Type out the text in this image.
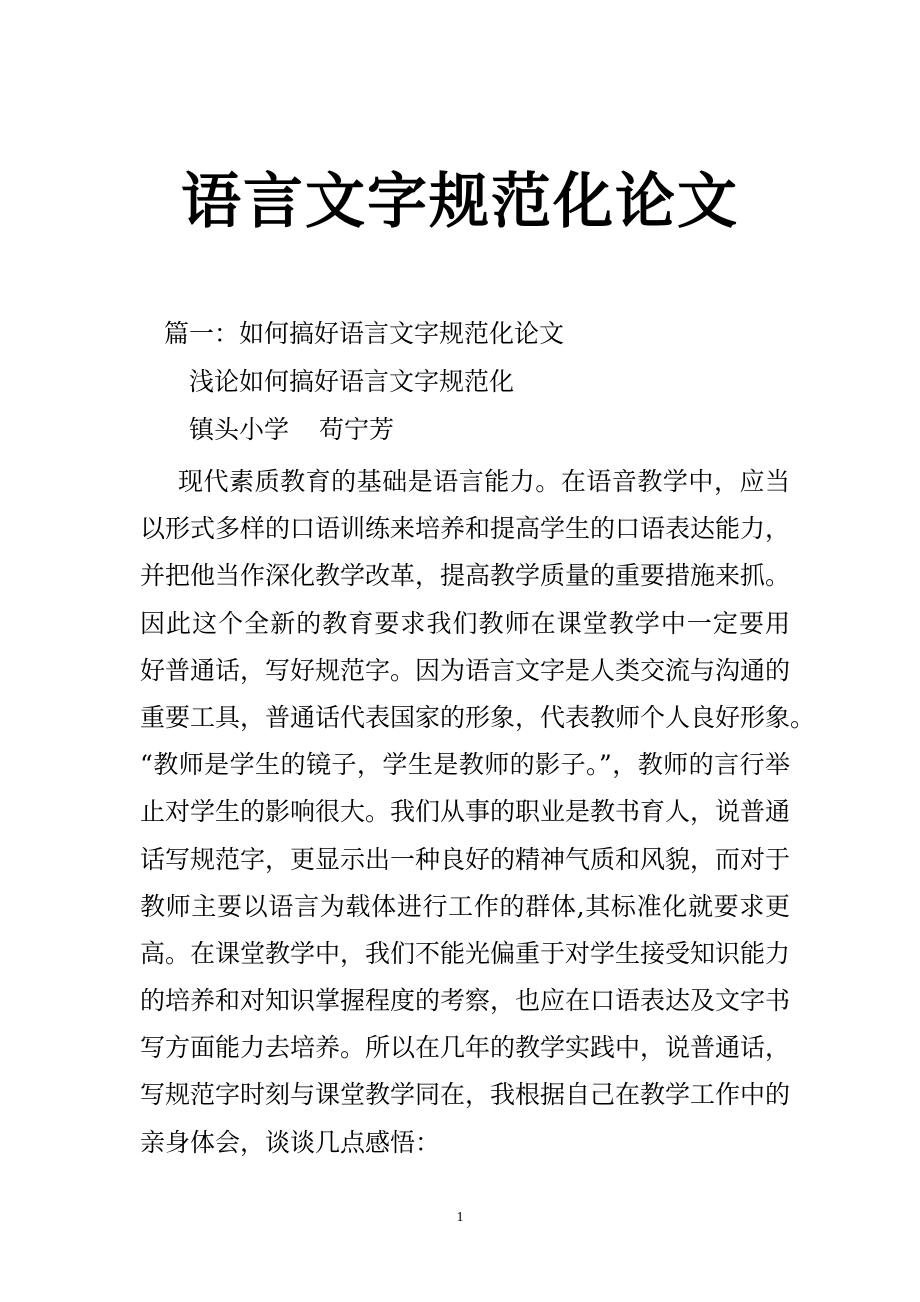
语言文字规范化论文

篇一：如何搞好语言文字规范化论文

浅论如何搞好语言文字规范化

镇头小学 苟宁芳

现代素质教育的基础是语言能力。在语音教学中，应当
以形式多样的口语训练来培养和提高学生的口语表达能力，
并把他当作深化教学改革，提高教学质量的重要措施来抓。
因此这个全新的教育要求我们教师在课堂教学中一定要用
好普通话，写好规范字。因为语言文字是人类交流与沟通的
重要工具，普通话代表国家的形象，代表教师个人良好形象。
“教师是学生的镜子，学生是教师的影子。”，教师的言行举
止对学生的影响很大。我们从事的职业是教书育人，说普通
话写规范字，更显示出一种良好的精神气质和风貌，而对于
教师主要以语言为载体进行工作的群体,其标准化就要求更
高。在课堂教学中，我们不能光偏重于对学生接受知识能力
的培养和对知识掌握程度的考察，也应在口语表达及文字书
写方面能力去培养。所以在几年的教学实践中，说普通话，
写规范字时刻与课堂教学同在，我根据自己在教学工作中的
亲身体会，谈谈几点感悟：

1
